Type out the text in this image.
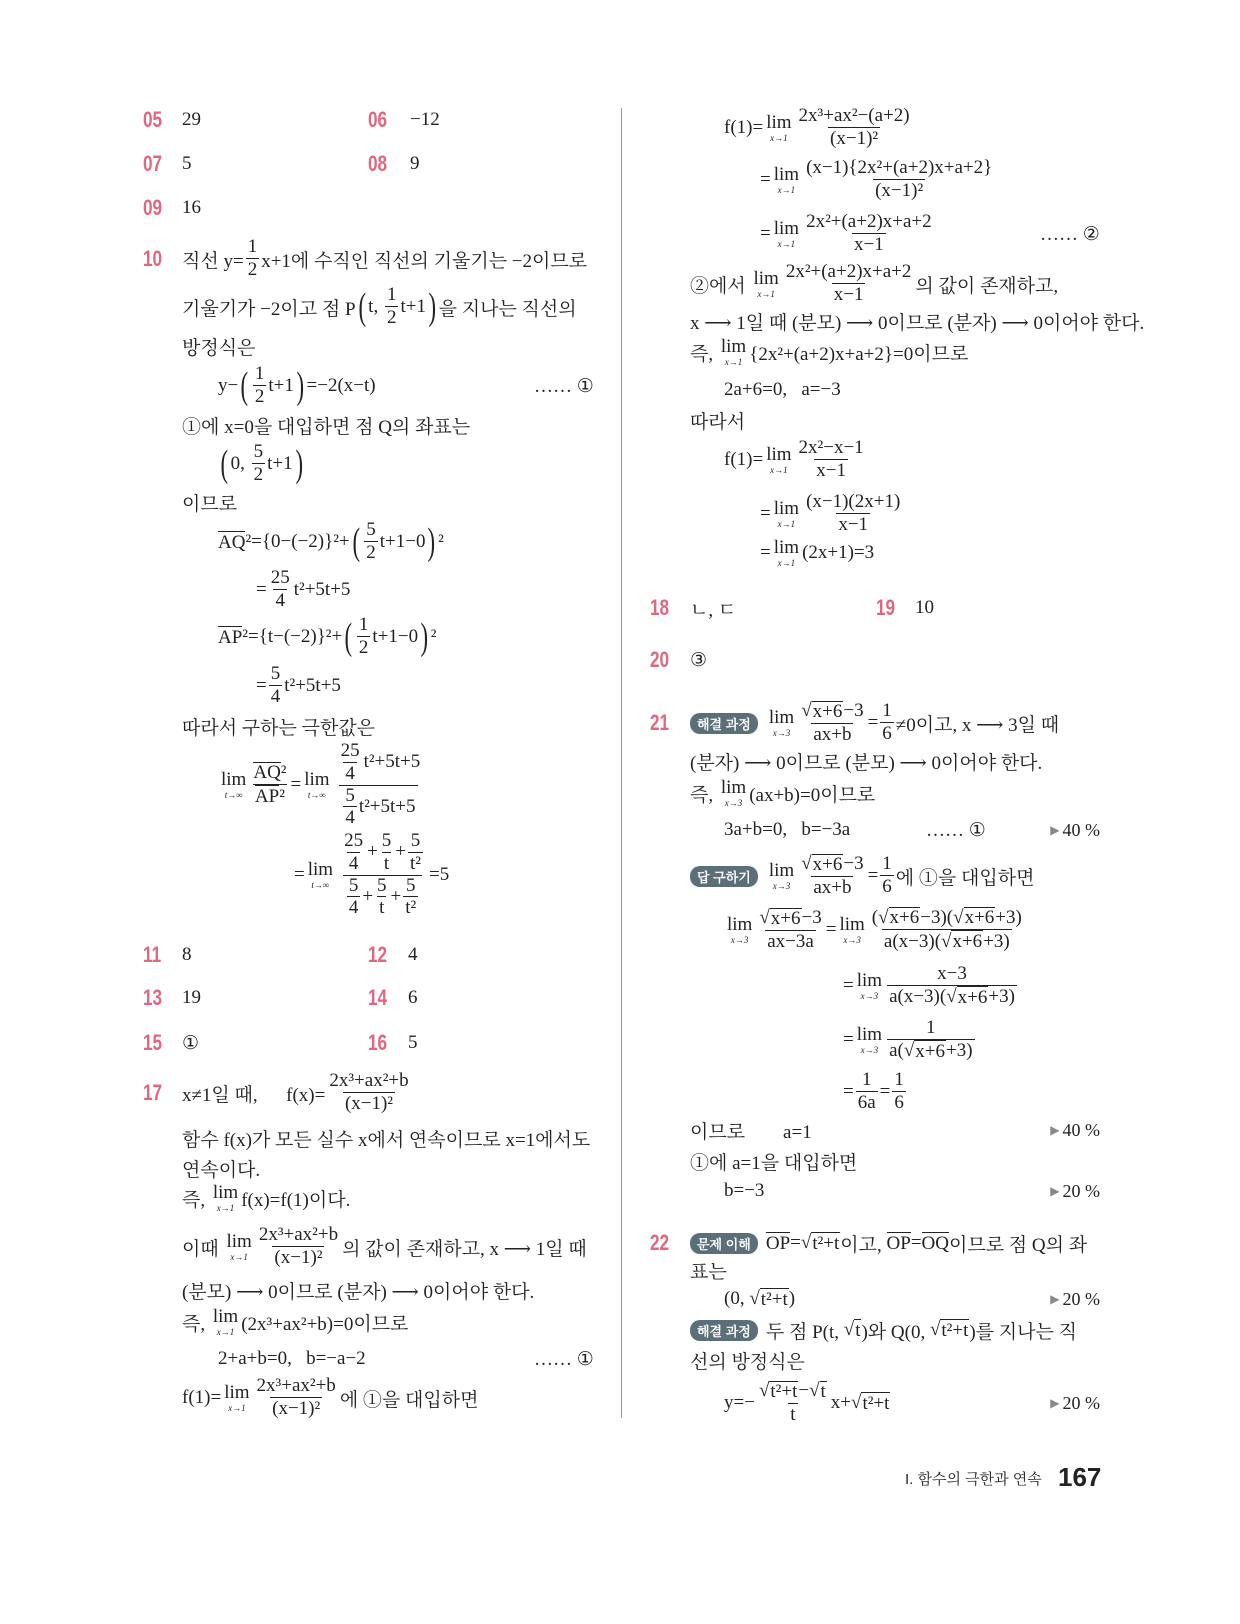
05 29	06 −12
07 5	08 9
09 16
10
11 8	12 4
13 19	14 6
15 ①	16 5
17
18 ㄴ, ㄷ	19 10
20 ③
21
22
직선 $y= \frac{1}{2} x+1$에 수직인 직선의 기울기는 −2이므로
기울기가 −2이고 점 P ( t, $\frac{1}{2} t+1$ ) 을 지나는 직선의
방정식은
y− ( $\frac{1}{2} t+1$ ) =−2(x−t)
①에 x=0을 대입하면 점 Q의 좌표는
( 0, $\frac{5}{2} t+1$ )
이므로
AQ ²={0−(−2)}²+ ( $\frac{5}{2} t+1-0$ ) ²
= $\frac{25}{4} t^2+5t+5$
AP ²={t−(−2)}²+ ( $\frac{1}{2} t+1-0$ ) ²
= $\frac{5}{4} t^2+5t+5$
따라서 구하는 극한값은
lim
$t\to\infty \frac{\text{AQ ²}}{\text{AP ²}} = \lim$
$t\to\infty \frac{\frac{25}{4} t^2+5t+5}{\frac{5}{4} t^2+5t+5}$
= lim
$t\to\infty \frac{\frac{25}{4} + \frac{5}{t} + \frac{5}{\text{t²}}}{\frac{5}{4} + \frac{5}{t} + \frac{5}{\text{t²}}} =5$
x≠1일 때,      $f(x)= \frac{\text{2x³+ax²+b}}{\text{(x−1)²}}$
함수 f(x)가 모든 실수 x에서 연속이므로 x=1에서도
연속이다.
즉, lim
x→1 f(x)=f(1)이다.
이때 lim
$x\to 1 \frac{\text{2x³+ax²+b}}{\text{(x−1)²}}$ 의 값이 존재하고, x ⟶ 1일 때
(분모) ⟶ 0이므로 (분자) ⟶ 0이어야 한다.
즉, lim
x→1 (2x³+ax²+b)=0이므로
2+a+b=0,   b=−a−2
f(1)= lim
$x\to 1 \frac{\text{2x³+ax²+b}}{\text{(x−1)²}}$ 에 ①을 대입하면
…… ①
…… ①
f(1)= lim
$x\to 1 \frac{\text{2x³+ax²−(a+2)}}{\text{(x−1)²}}$
= lim
$x\to 1 \frac{\text{(x−1)\{2x²+(a+2)x+a+2\}}}{\text{(x−1)²}}$
= lim
$x\to 1 \frac{\text{2x²+(a+2)x+a+2}}{x-1}$
②에서 lim
$x\to 1 \frac{\text{2x²+(a+2)x+a+2}}{x-1}$ 의 값이 존재하고,
x ⟶ 1일 때 (분모) ⟶ 0이므로 (분자) ⟶ 0이어야 한다.
즉, lim
x→1 {2x²+(a+2)x+a+2}=0이므로
2a+6=0,   a=−3
따라서
f(1)= lim
$x\to 1 \frac{\text{2x²−x−1}}{x-1}$
= lim
$x\to 1 \frac{(x-1)(2x+1)}{x-1}$
= lim
x→1 (2x+1)=3
해결 과정 lim
$x\to 3 \frac{√ x+6 -3}{ax+b} = \frac{1}{6} \ne 0$이고, x ⟶ 3일 때
(분자) ⟶ 0이므로 (분모) ⟶ 0이어야 한다.
즉, lim
x→3 (ax+b)=0이므로
3a+b=0,   b=−3a
답 구하기 lim
$x\to 3 \frac{√ x+6 -3}{ax+b} = \frac{1}{6}$ 에 ①을 대입하면
lim
$x\to 3 \frac{√ x+6 -3}{ax-3a} = \lim$
$x\to 3 \frac{( √ x+6 -3)( √ x+6 +3)}{a(x-3)( √ x+6 +3)}$
= lim
$x\to 3 \frac{x-3}{a(x-3)( √ x+6 +3)}$
= lim
$x\to 3 \frac{1}{a( √ x+6 +3)}$
= $\frac{1}{6a} = \frac{1}{6}$
이므로        a=1
①에 a=1을 대입하면
b=−3
문제 이해 OP = √ t²+t 이고, OP = OQ 이므로 점 Q의 좌
표는
(0, √ t²+t )
해결 과정 두 점 P(t, √ t )와 Q(0, √ t²+t )를 지나는 직
선의 방정식은
$y=- \frac{\text{√ t²+t − √ t}}{t} x+$ √ t²+t
…… ②
…… ①	▶ 40 %
▶ 40 %
▶ 20 %
▶ 20 %
▶ 20 %
I. 함수의 극한과 연속 167
